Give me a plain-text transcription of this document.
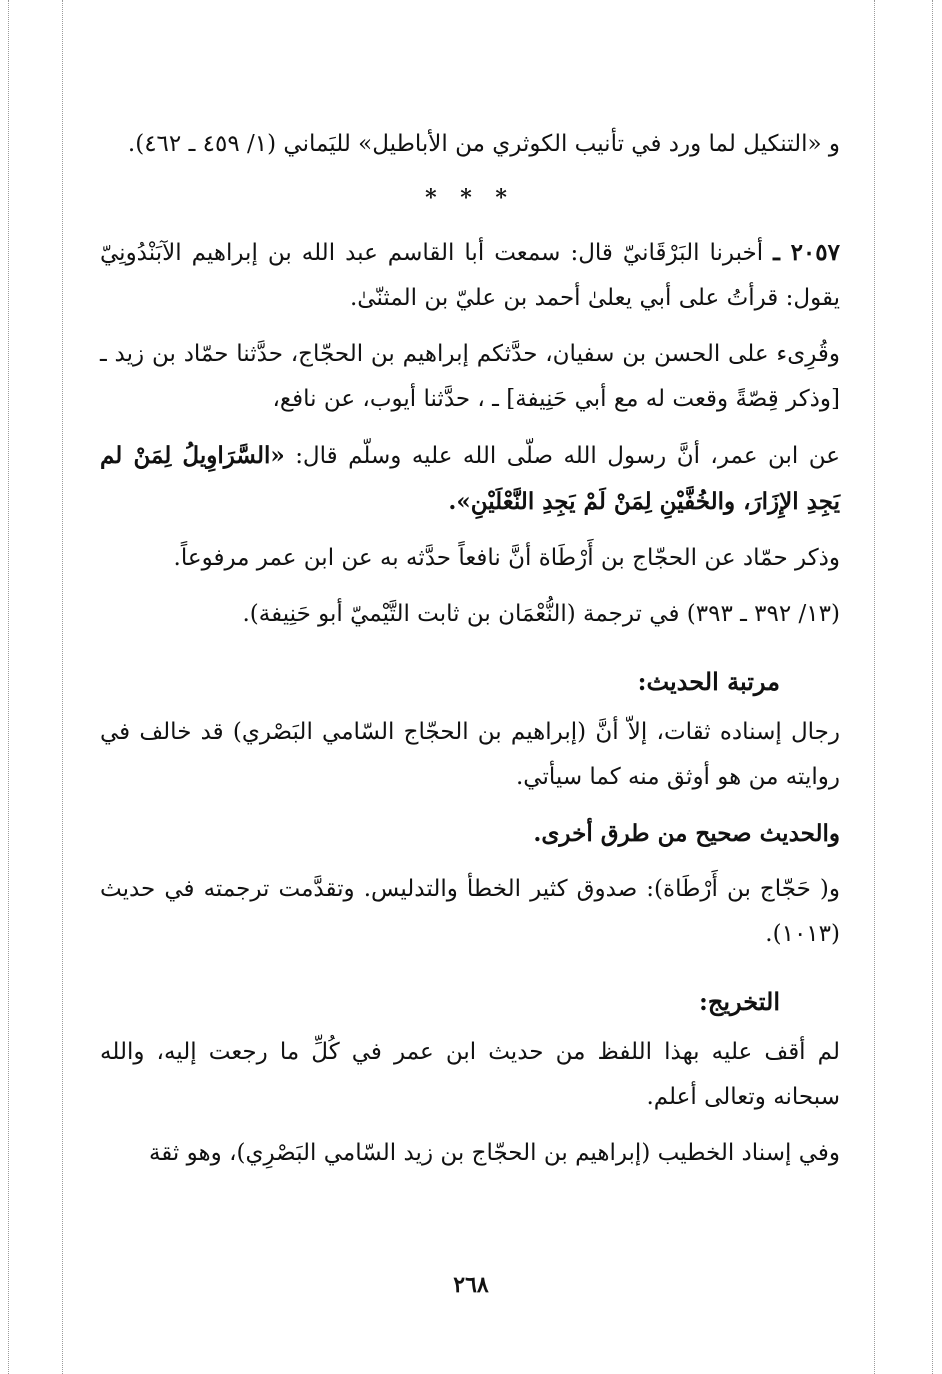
و «التنكيل لما ورد في تأنيب الكوثري من الأباطيل» لليَماني (١/ ٤٥٩ ـ ٤٦٢).

* * *

٢٠٥٧ ـ أخبرنا البَرْقَانيّ قال: سمعت أبا القاسم عبد الله بن إبراهيم الآبَنْدُونِيّ يقول: قرأتُ على أبي يعلىٰ أحمد بن عليّ بن المثنّىٰ.

وقُرِىء على الحسن بن سفيان، حدَّثكم إبراهيم بن الحجّاج، حدَّثنا حمّاد بن زيد ـ [وذكر قِصّةً وقعت له مع أبي حَنِيفة] ـ ، حدَّثنا أيوب، عن نافع،

عن ابن عمر، أنَّ رسول الله صلّى الله عليه وسلّم قال: «السَّرَاوِيلُ لِمَنْ لم يَجِدِ الإِزَارَ، والخُفَّيْنِ لِمَنْ لَمْ يَجِدِ النَّعْلَيْنِ».

وذكر حمّاد عن الحجّاج بن أَرْطَاة أنَّ نافعاً حدَّثه به عن ابن عمر مرفوعاً.

(١٣/ ٣٩٢ ـ ٣٩٣) في ترجمة (النُّعْمَان بن ثابت التَّيْميّ أبو حَنِيفة).

مرتبة الحديث:

رجال إسناده ثقات، إلاّ أنَّ (إبراهيم بن الحجّاج السّامي البَصْري) قد خالف في روايته من هو أوثق منه كما سيأتي.

والحديث صحيح من طرق أخرى.

و( حَجّاج بن أَرْطَاة): صدوق كثير الخطأ والتدليس. وتقدَّمت ترجمته في حديث (١٠١٣).

التخريج:

لم أقف عليه بهذا اللفظ من حديث ابن عمر في كُلِّ ما رجعت إليه، والله سبحانه وتعالى أعلم.

وفي إسناد الخطيب (إبراهيم بن الحجّاج بن زيد السّامي البَصْرِي)، وهو ثقة

٢٦٨
